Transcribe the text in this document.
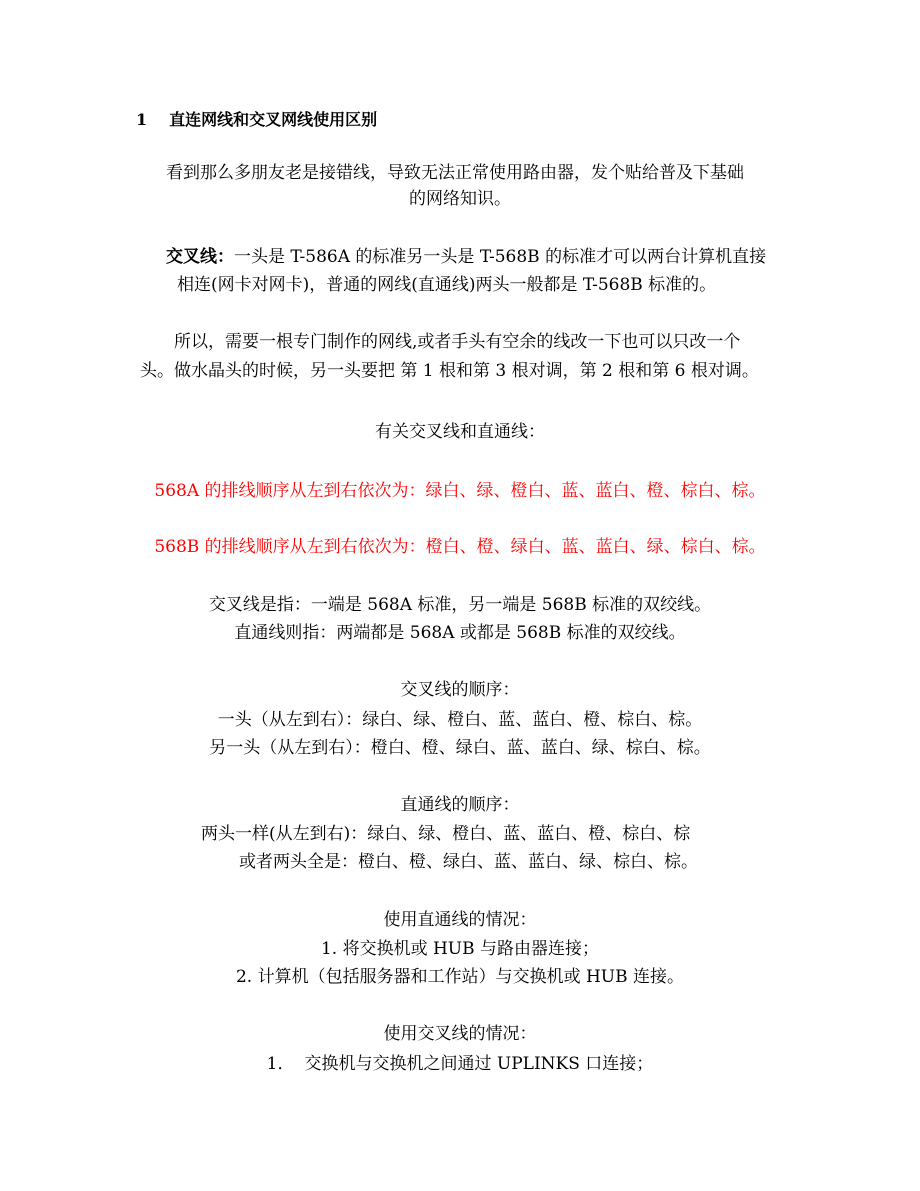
1 直连网线和交叉网线使用区别
看到那么多朋友老是接错线，导致无法正常使用路由器，发个贴给普及下基础
的网络知识。
交叉线：一头是 T-586A 的标准另一头是 T-568B 的标准才可以两台计算机直接
相连(网卡对网卡)，普通的网线(直通线)两头一般都是 T-568B 标准的。
所以，需要一根专门制作的网线,或者手头有空余的线改一下也可以只改一个
头。做水晶头的时候，另一头要把 第 1 根和第 3 根对调，第 2 根和第 6 根对调。
有关交叉线和直通线：
568A 的排线顺序从左到右依次为：绿白、绿、橙白、蓝、蓝白、橙、棕白、棕。
568B 的排线顺序从左到右依次为：橙白、橙、绿白、蓝、蓝白、绿、棕白、棕。
交叉线是指：一端是 568A 标准，另一端是 568B 标准的双绞线。
直通线则指：两端都是 568A 或都是 568B 标准的双绞线。
交叉线的顺序：
一头（从左到右）：绿白、绿、橙白、蓝、蓝白、橙、棕白、棕。
另一头（从左到右）：橙白、橙、绿白、蓝、蓝白、绿、棕白、棕。
直通线的顺序：
两头一样(从左到右)：绿白、绿、橙白、蓝、蓝白、橙、棕白、棕
或者两头全是：橙白、橙、绿白、蓝、蓝白、绿、棕白、棕。
使用直通线的情况：
1. 将交换机或 HUB 与路由器连接；
2. 计算机（包括服务器和工作站）与交换机或 HUB 连接。
使用交叉线的情况：
1． 交换机与交换机之间通过 UPLINKS 口连接；
